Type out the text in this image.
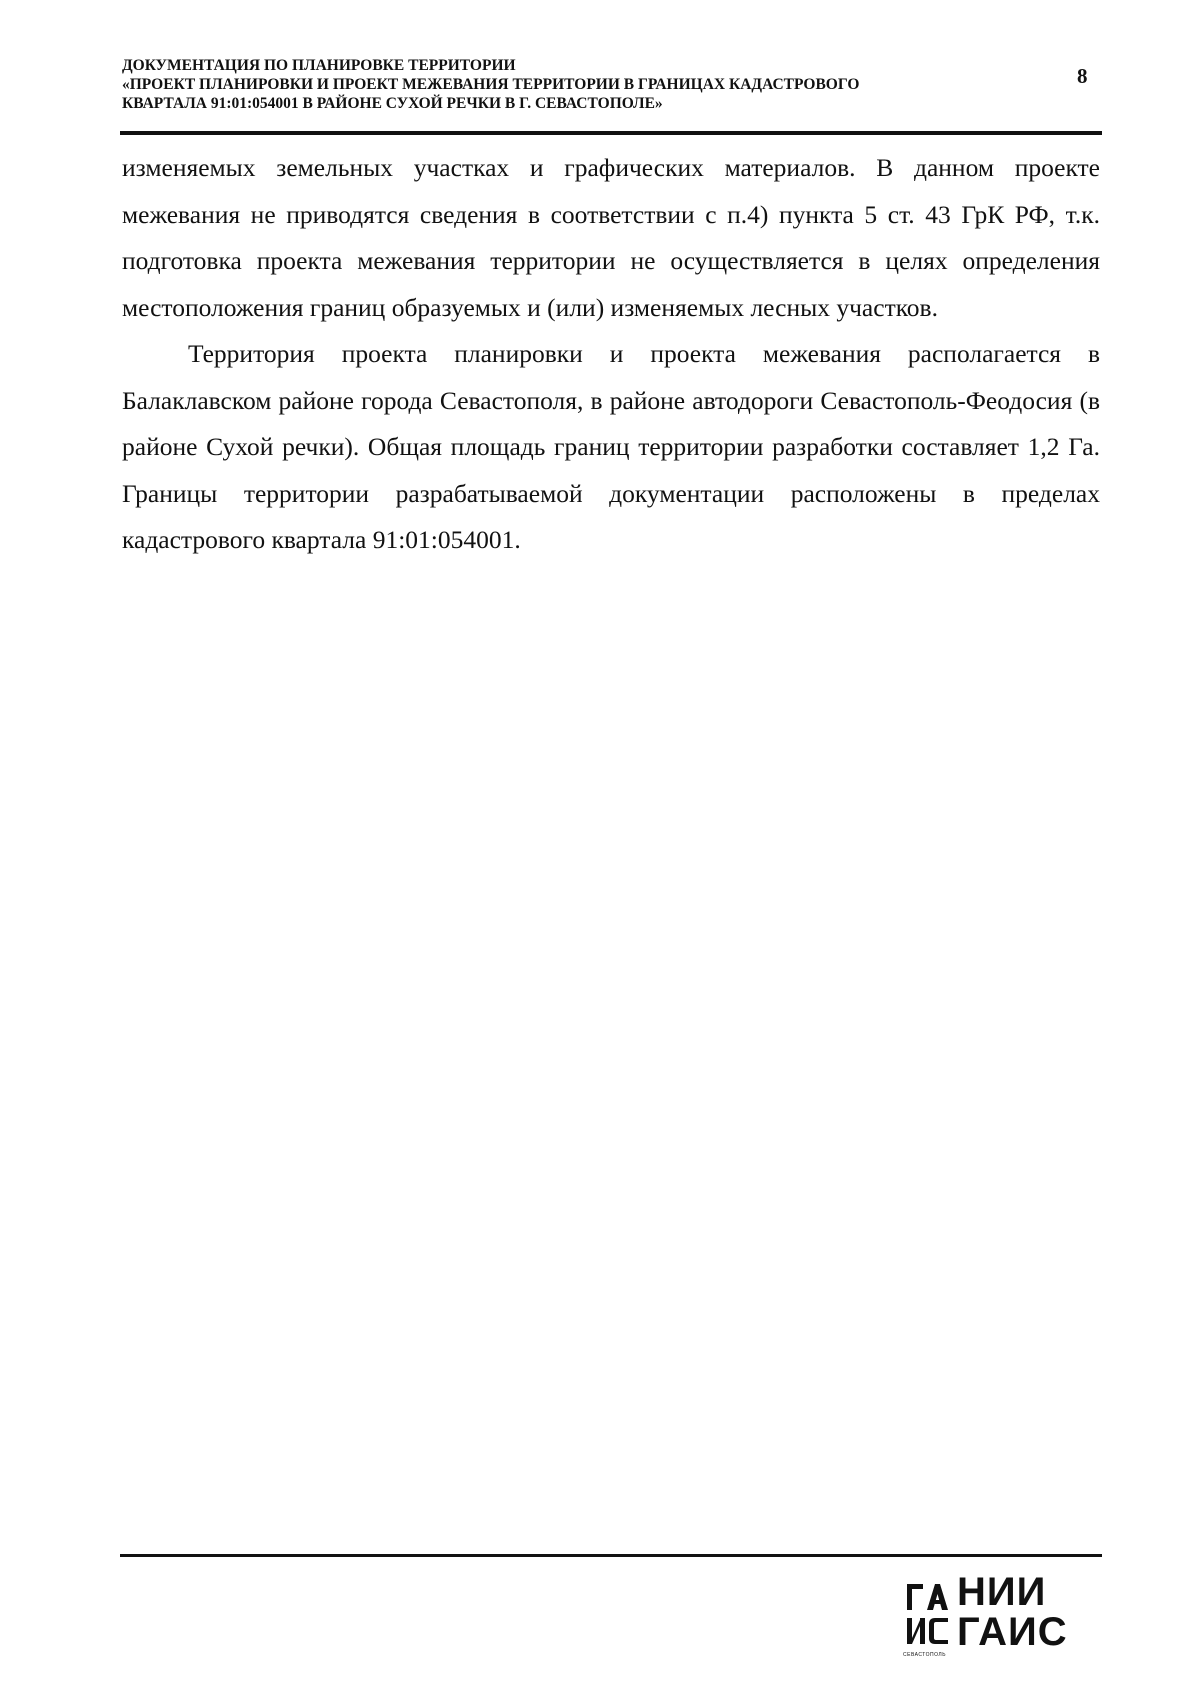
ДОКУМЕНТАЦИЯ ПО ПЛАНИРОВКЕ ТЕРРИТОРИИ
«ПРОЕКТ ПЛАНИРОВКИ И ПРОЕКТ МЕЖЕВАНИЯ ТЕРРИТОРИИ В ГРАНИЦАХ КАДАСТРОВОГО
КВАРТАЛА 91:01:054001 В РАЙОНЕ СУХОЙ РЕЧКИ В Г. СЕВАСТОПОЛЕ»
8

изменяемых земельных участках и графических материалов. В данном проекте межевания не приводятся сведения в соответствии с п.4) пункта 5 ст. 43 ГрК РФ, т.к. подготовка проекта межевания территории не осуществляется в целях определения местоположения границ образуемых и (или) изменяемых лесных участков.

Территория проекта планировки и проекта межевания располагается в Балаклавском районе города Севастополя, в районе автодороги Севастополь-Феодосия (в районе Сухой речки). Общая площадь границ территории разработки составляет 1,2 Га. Границы территории разрабатываемой документации расположены в пределах кадастрового квартала 91:01:054001.

СЕВАСТОПОЛЬ
НИИ
ГАИС
